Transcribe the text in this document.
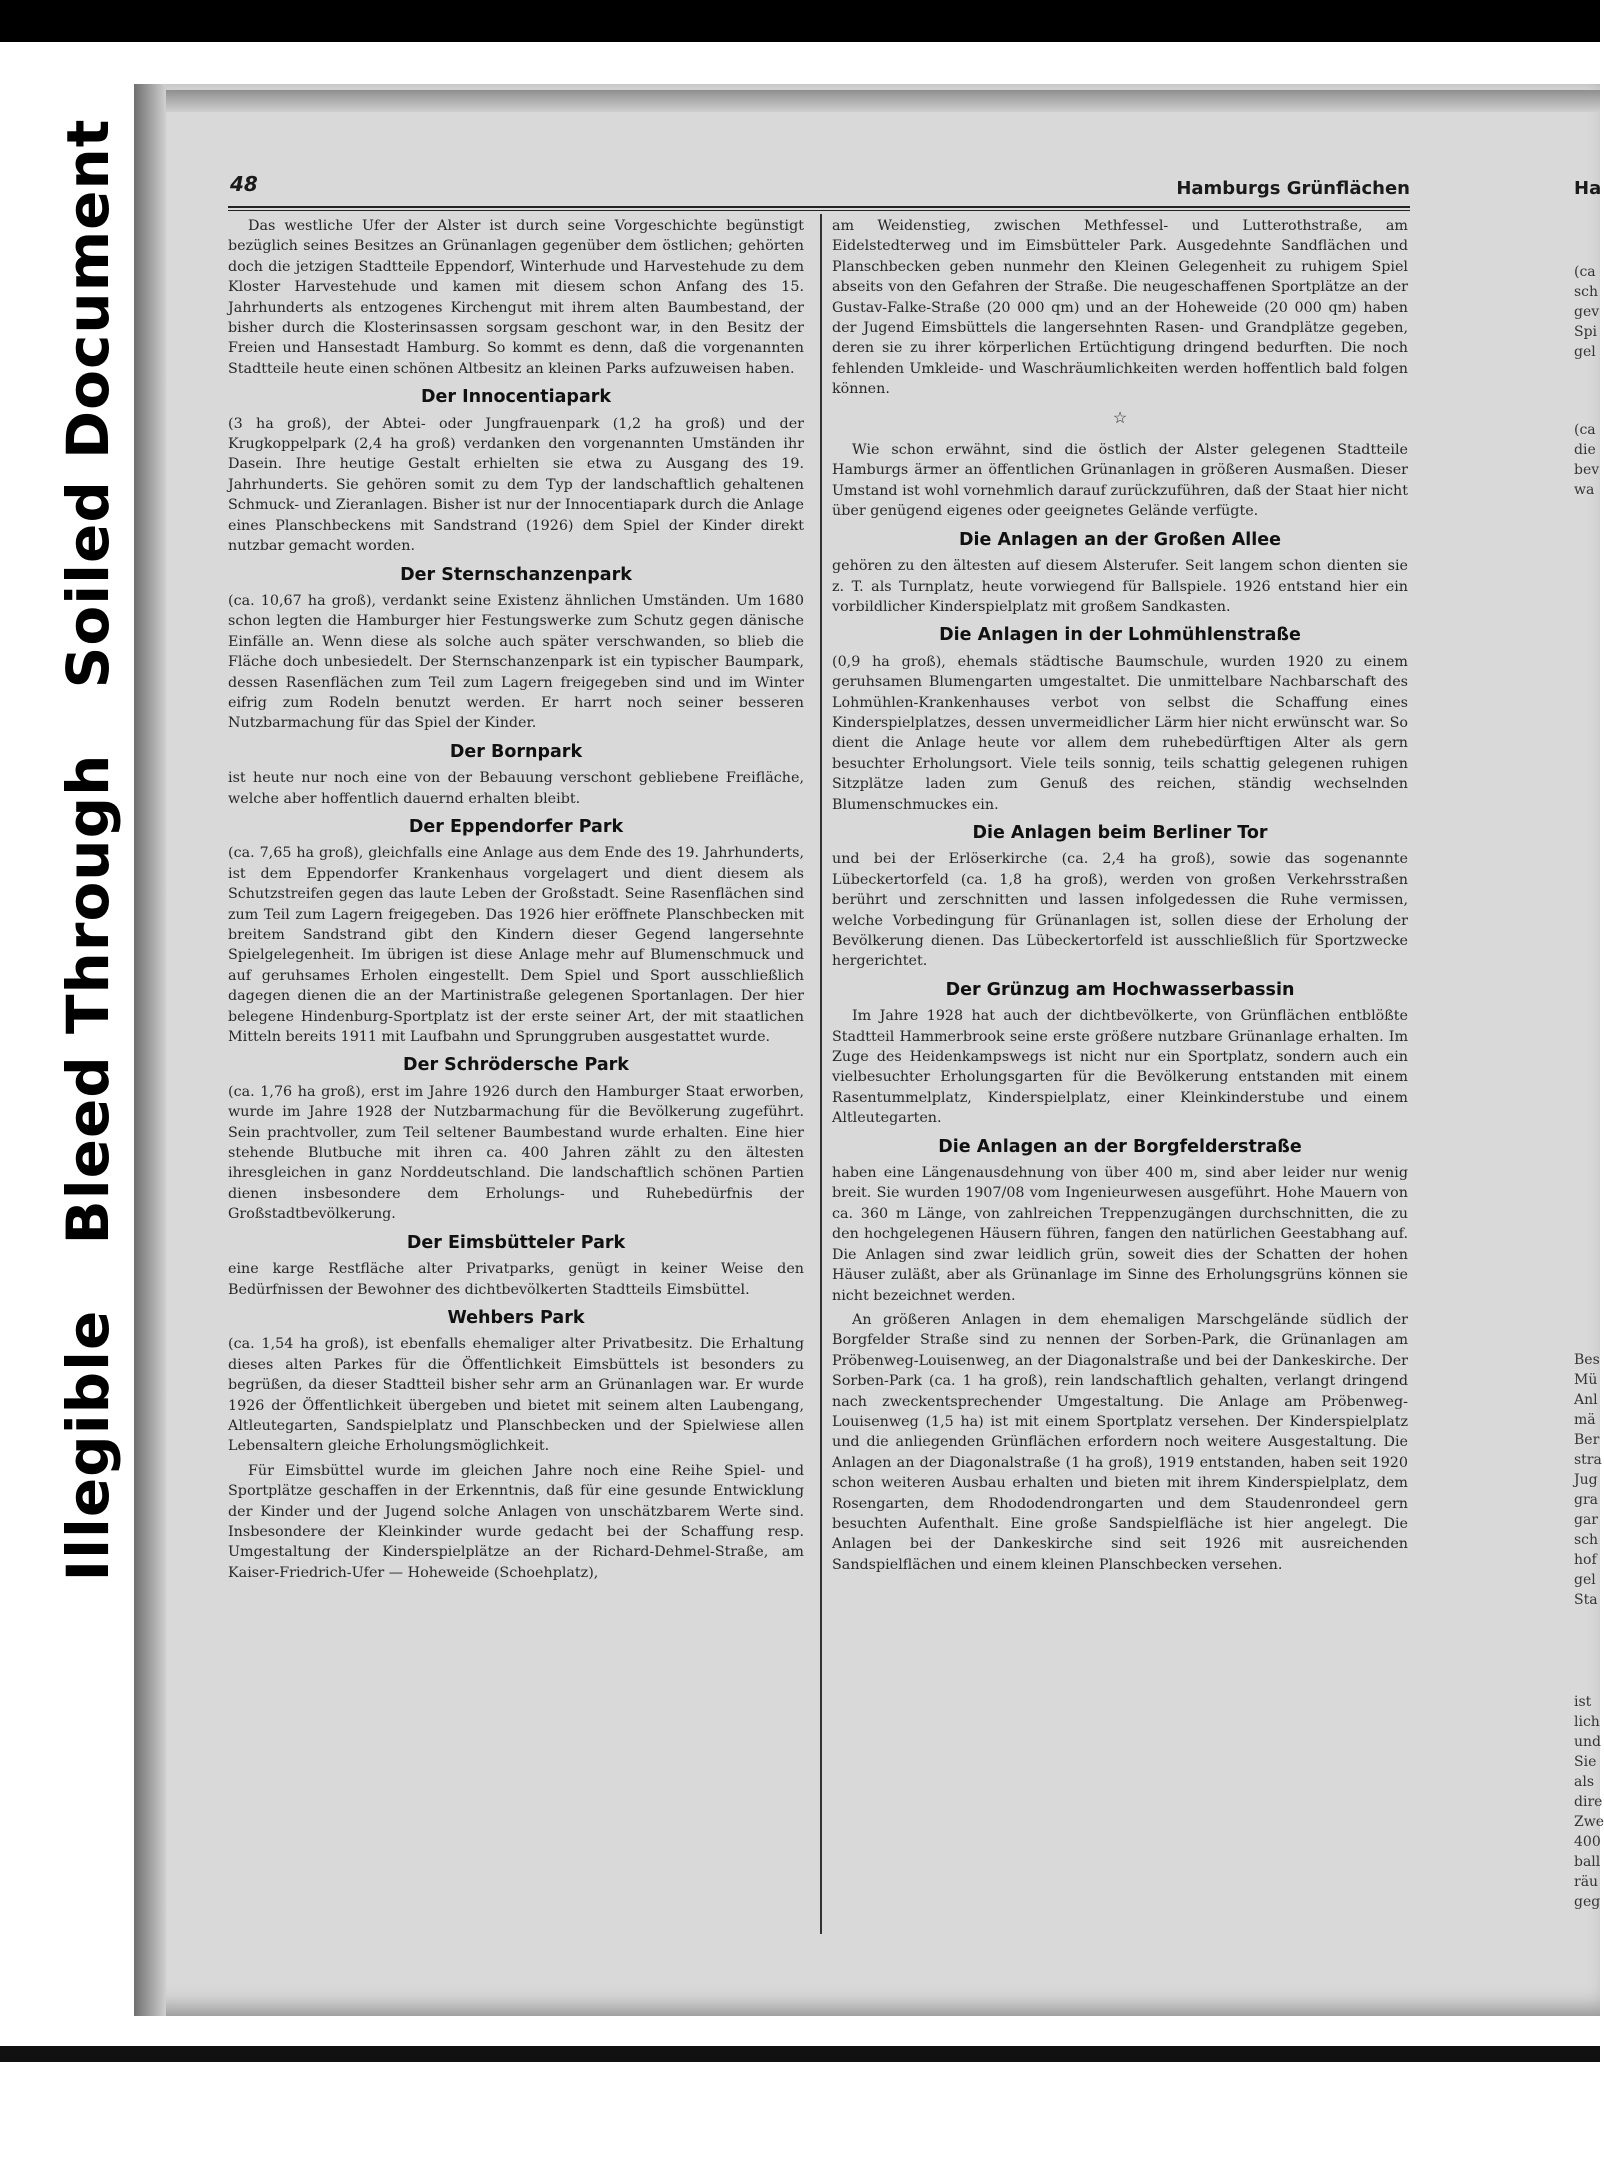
Illegible Bleed Through Soiled Document	48	Hamburgs Grünflächen	Ha

Das westliche Ufer der Alster ist durch seine Vorgeschichte begünstigt bezüglich seines Besitzes an Grünanlagen gegenüber dem östlichen; gehörten doch die jetzigen Stadtteile Eppendorf, Winterhude und Harvestehude zu dem Kloster Harvestehude und kamen mit diesem schon Anfang des 15. Jahrhunderts als entzogenes Kirchengut mit ihrem alten Baumbestand, der bisher durch die Klosterinsassen sorgsam geschont war, in den Besitz der Freien und Hansestadt Hamburg. So kommt es denn, daß die vorgenannten Stadtteile heute einen schönen Altbesitz an kleinen Parks aufzuweisen haben.

Der Innocentiapark

(3 ha groß), der Abtei- oder Jungfrauenpark (1,2 ha groß) und der Krugkoppelpark (2,4 ha groß) verdanken den vorgenannten Umständen ihr Dasein. Ihre heutige Gestalt erhielten sie etwa zu Ausgang des 19. Jahrhunderts. Sie gehören somit zu dem Typ der landschaftlich gehaltenen Schmuck- und Zieranlagen. Bisher ist nur der Innocentiapark durch die Anlage eines Planschbeckens mit Sandstrand (1926) dem Spiel der Kinder direkt nutzbar gemacht worden.

Der Sternschanzenpark

(ca. 10,67 ha groß), verdankt seine Existenz ähnlichen Umständen. Um 1680 schon legten die Hamburger hier Festungswerke zum Schutz gegen dänische Einfälle an. Wenn diese als solche auch später verschwanden, so blieb die Fläche doch unbesiedelt. Der Sternschanzenpark ist ein typischer Baumpark, dessen Rasenflächen zum Teil zum Lagern freigegeben sind und im Winter eifrig zum Rodeln benutzt werden. Er harrt noch seiner besseren Nutzbarmachung für das Spiel der Kinder.

Der Bornpark

ist heute nur noch eine von der Bebauung verschont gebliebene Freifläche, welche aber hoffentlich dauernd erhalten bleibt.

Der Eppendorfer Park

(ca. 7,65 ha groß), gleichfalls eine Anlage aus dem Ende des 19. Jahrhunderts, ist dem Eppendorfer Krankenhaus vorgelagert und dient diesem als Schutzstreifen gegen das laute Leben der Großstadt. Seine Rasenflächen sind zum Teil zum Lagern freigegeben. Das 1926 hier eröffnete Planschbecken mit breitem Sandstrand gibt den Kindern dieser Gegend langersehnte Spielgelegenheit. Im übrigen ist diese Anlage mehr auf Blumenschmuck und auf geruhsames Erholen eingestellt. Dem Spiel und Sport ausschließlich dagegen dienen die an der Martinistraße gelegenen Sportanlagen. Der hier belegene Hindenburg-Sportplatz ist der erste seiner Art, der mit staatlichen Mitteln bereits 1911 mit Laufbahn und Sprunggruben ausgestattet wurde.

Der Schrödersche Park

(ca. 1,76 ha groß), erst im Jahre 1926 durch den Hamburger Staat erworben, wurde im Jahre 1928 der Nutzbarmachung für die Bevölkerung zugeführt. Sein prachtvoller, zum Teil seltener Baumbestand wurde erhalten. Eine hier stehende Blutbuche mit ihren ca. 400 Jahren zählt zu den ältesten ihresgleichen in ganz Norddeutschland. Die landschaftlich schönen Partien dienen insbesondere dem Erholungs- und Ruhebedürfnis der Großstadtbevölkerung.

Der Eimsbütteler Park

eine karge Restfläche alter Privatparks, genügt in keiner Weise den Bedürfnissen der Bewohner des dichtbevölkerten Stadtteils Eimsbüttel.

Wehbers Park

(ca. 1,54 ha groß), ist ebenfalls ehemaliger alter Privatbesitz. Die Erhaltung dieses alten Parkes für die Öffentlichkeit Eimsbüttels ist besonders zu begrüßen, da dieser Stadtteil bisher sehr arm an Grünanlagen war. Er wurde 1926 der Öffentlichkeit übergeben und bietet mit seinem alten Laubengang, Altleutegarten, Sandspielplatz und Planschbecken und der Spielwiese allen Lebensaltern gleiche Erholungsmöglichkeit.

Für Eimsbüttel wurde im gleichen Jahre noch eine Reihe Spiel- und Sportplätze geschaffen in der Erkenntnis, daß für eine gesunde Entwicklung der Kinder und der Jugend solche Anlagen von unschätzbarem Werte sind. Insbesondere der Kleinkinder wurde gedacht bei der Schaffung resp. Umgestaltung der Kinderspielplätze an der Richard-Dehmel-Straße, am Kaiser-Friedrich-Ufer — Hoheweide (Schoehplatz),

am Weidenstieg, zwischen Methfessel- und Lutterothstraße, am Eidelstedterweg und im Eimsbütteler Park. Ausgedehnte Sandflächen und Planschbecken geben nunmehr den Kleinen Gelegenheit zu ruhigem Spiel abseits von den Gefahren der Straße. Die neugeschaffenen Sportplätze an der Gustav-Falke-Straße (20 000 qm) und an der Hoheweide (20 000 qm) haben der Jugend Eimsbüttels die langersehnten Rasen- und Grandplätze gegeben, deren sie zu ihrer körperlichen Ertüchtigung dringend bedurften. Die noch fehlenden Umkleide- und Waschräumlichkeiten werden hoffentlich bald folgen können.

☆

Wie schon erwähnt, sind die östlich der Alster gelegenen Stadtteile Hamburgs ärmer an öffentlichen Grünanlagen in größeren Ausmaßen. Dieser Umstand ist wohl vornehmlich darauf zurückzuführen, daß der Staat hier nicht über genügend eigenes oder geeignetes Gelände verfügte.

Die Anlagen an der Großen Allee

gehören zu den ältesten auf diesem Alsterufer. Seit langem schon dienten sie z. T. als Turnplatz, heute vorwiegend für Ballspiele. 1926 entstand hier ein vorbildlicher Kinderspielplatz mit großem Sandkasten.

Die Anlagen in der Lohmühlenstraße

(0,9 ha groß), ehemals städtische Baumschule, wurden 1920 zu einem geruhsamen Blumengarten umgestaltet. Die unmittelbare Nachbarschaft des Lohmühlen-Krankenhauses verbot von selbst die Schaffung eines Kinderspielplatzes, dessen unvermeidlicher Lärm hier nicht erwünscht war. So dient die Anlage heute vor allem dem ruhebedürftigen Alter als gern besuchter Erholungsort. Viele teils sonnig, teils schattig gelegenen ruhigen Sitzplätze laden zum Genuß des reichen, ständig wechselnden Blumenschmuckes ein.

Die Anlagen beim Berliner Tor

und bei der Erlöserkirche (ca. 2,4 ha groß), sowie das sogenannte Lübeckertorfeld (ca. 1,8 ha groß), werden von großen Verkehrsstraßen berührt und zerschnitten und lassen infolgedessen die Ruhe vermissen, welche Vorbedingung für Grünanlagen ist, sollen diese der Erholung der Bevölkerung dienen. Das Lübeckertorfeld ist ausschließlich für Sportzwecke hergerichtet.

Der Grünzug am Hochwasserbassin

Im Jahre 1928 hat auch der dichtbevölkerte, von Grünflächen entblößte Stadtteil Hammerbrook seine erste größere nutzbare Grünanlage erhalten. Im Zuge des Heidenkampswegs ist nicht nur ein Sportplatz, sondern auch ein vielbesuchter Erholungsgarten für die Bevölkerung entstanden mit einem Rasentummelplatz, Kinderspielplatz, einer Kleinkinderstube und einem Altleutegarten.

Die Anlagen an der Borgfelderstraße

haben eine Längenausdehnung von über 400 m, sind aber leider nur wenig breit. Sie wurden 1907/08 vom Ingenieurwesen ausgeführt. Hohe Mauern von ca. 360 m Länge, von zahlreichen Treppenzugängen durchschnitten, die zu den hochgelegenen Häusern führen, fangen den natürlichen Geestabhang auf. Die Anlagen sind zwar leidlich grün, soweit dies der Schatten der hohen Häuser zuläßt, aber als Grünanlage im Sinne des Erholungsgrüns können sie nicht bezeichnet werden.

An größeren Anlagen in dem ehemaligen Marschgelände südlich der Borgfelder Straße sind zu nennen der Sorben-Park, die Grünanlagen am Pröbenweg-Louisenweg, an der Diagonalstraße und bei der Dankeskirche. Der Sorben-Park (ca. 1 ha groß), rein landschaftlich gehalten, verlangt dringend nach zweckentsprechender Umgestaltung. Die Anlage am Pröbenweg-Louisenweg (1,5 ha) ist mit einem Sportplatz versehen. Der Kinderspielplatz und die anliegenden Grünflächen erfordern noch weitere Ausgestaltung. Die Anlagen an der Diagonalstraße (1 ha groß), 1919 entstanden, haben seit 1920 schon weiteren Ausbau erhalten und bieten mit ihrem Kinderspielplatz, dem Rosengarten, dem Rhododendrongarten und dem Staudenrondeel gern besuchten Aufenthalt. Eine große Sandspielfläche ist hier angelegt. Die Anlagen bei der Dankeskirche sind seit 1926 mit ausreichenden Sandspielflächen und einem kleinen Planschbecken versehen.

(ca
sch
gev
Spi
gel
(ca
die
bev
wa
Bes
Mü
Anl
mä
Ber
stra
Jug
gra
gar
sch
hof
gel
Sta
ist
lich
und
Sie
als
dire
Zwe
400
ball
räu
geg
